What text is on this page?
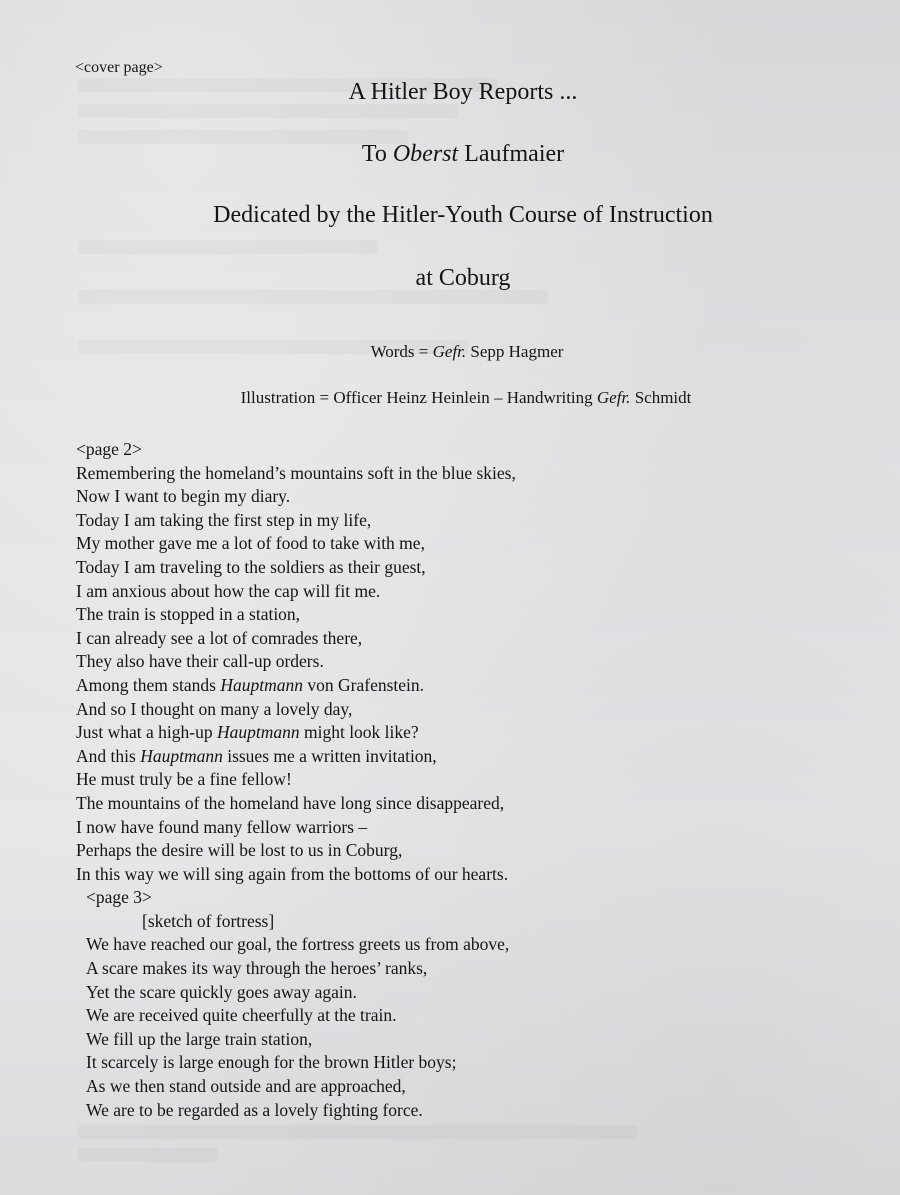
<cover page>
A Hitler Boy Reports ...
To Oberst Laufmaier
Dedicated by the Hitler-Youth Course of Instruction
at Coburg
Words = Gefr. Sepp Hagmer
Illustration = Officer Heinz Heinlein – Handwriting Gefr. Schmidt
<page 2>
Remembering the homeland’s mountains soft in the blue skies,
Now I want to begin my diary.
Today I am taking the first step in my life,
My mother gave me a lot of food to take with me,
Today I am traveling to the soldiers as their guest,
I am anxious about how the cap will fit me.
The train is stopped in a station,
I can already see a lot of comrades there,
They also have their call-up orders.
Among them stands Hauptmann von Grafenstein.
And so I thought on many a lovely day,
Just what a high-up Hauptmann might look like?
And this Hauptmann issues me a written invitation,
He must truly be a fine fellow!
The mountains of the homeland have long since disappeared,
I now have found many fellow warriors –
Perhaps the desire will be lost to us in Coburg,
In this way we will sing again from the bottoms of our hearts.
<page 3>
[sketch of fortress]
We have reached our goal, the fortress greets us from above,
A scare makes its way through the heroes’ ranks,
Yet the scare quickly goes away again.
We are received quite cheerfully at the train.
We fill up the large train station,
It scarcely is large enough for the brown Hitler boys;
As we then stand outside and are approached,
We are to be regarded as a lovely fighting force.
